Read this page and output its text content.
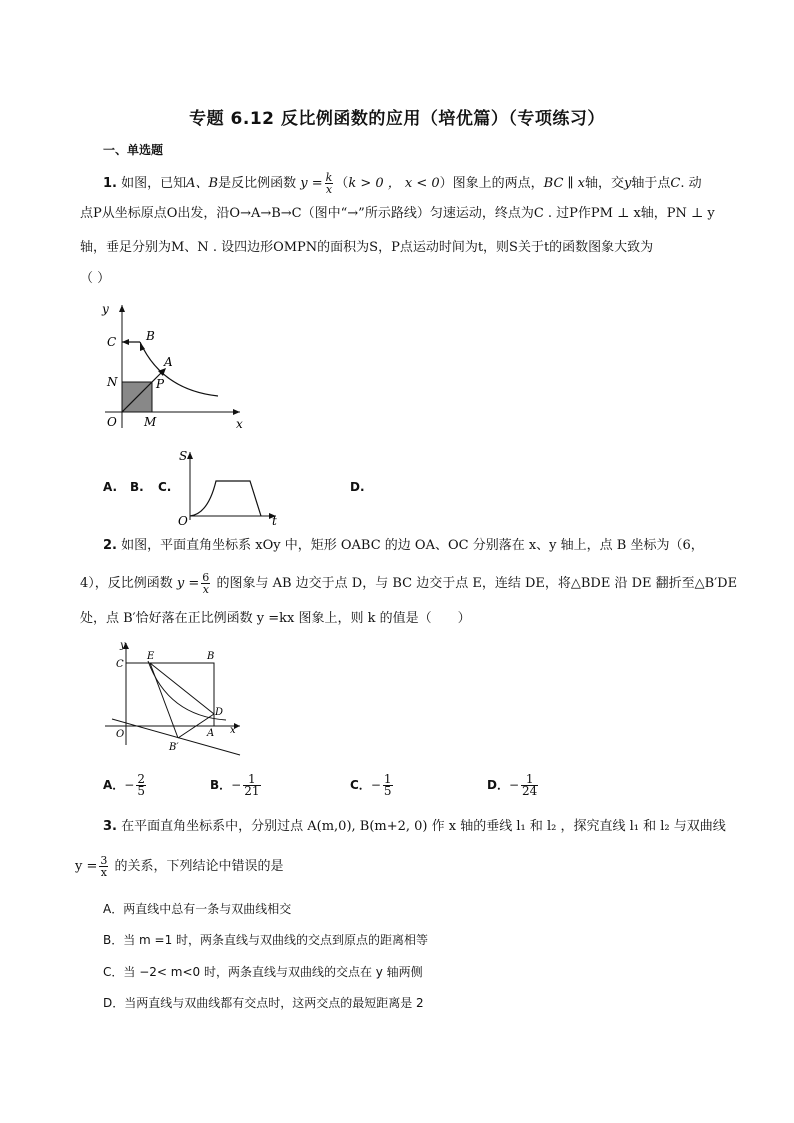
专题 6.12 反比例函数的应用（培优篇）（专项练习）
一、单选题
1. 如图，已知A、B是反比例函数 $y = \frac{k}{x} (k > 0$ ， x < 0）图象上的两点，BC ∥ x轴，交y轴于点C. 动
点P从坐标原点O出发，沿O→A→B→C（图中“→”所示路线）匀速运动，终点为C . 过P作PM ⊥ x轴，PN ⊥ y
轴，垂足分别为M、N . 设四边形OMPN的面积为S，P点运动时间为t，则S关于t的函数图象大致为
（ ）
y
x
C B
A
N	P
O M
A. B. C.	D.
S
O	t
2. 如图，平面直角坐标系 xOy 中，矩形 OABC 的边 OA、OC 分别落在 x、y 轴上，点 B 坐标为（6，
4），反比例函数 $y = \frac{6}{x}$ 的图象与 AB 边交于点 D，与 BC 边交于点 E，连结 DE，将△BDE 沿 DE 翻折至△B′DE
处，点 B′恰好落在正比例函数 y =kx 图象上，则 k 的值是（　　）
y
C
E	B
D
O	A x
B′
A．− $\frac{2}{5}$	B．− $\frac{1}{21}$	C．− $\frac{1}{5}$	D．− $\frac{1}{24}$
3. 在平面直角坐标系中，分别过点 A(m,0), B(m+2, 0) 作 x 轴的垂线 l₁ 和 l₂ ，探究直线 l₁ 和 l₂ 与双曲线
$y = \frac{3}{x}$ 的关系，下列结论中错误的是
A．两直线中总有一条与双曲线相交
B．当 m =1 时，两条直线与双曲线的交点到原点的距离相等
C．当 −2< m<0 时，两条直线与双曲线的交点在 y 轴两侧
D．当两直线与双曲线都有交点时，这两交点的最短距离是 2
